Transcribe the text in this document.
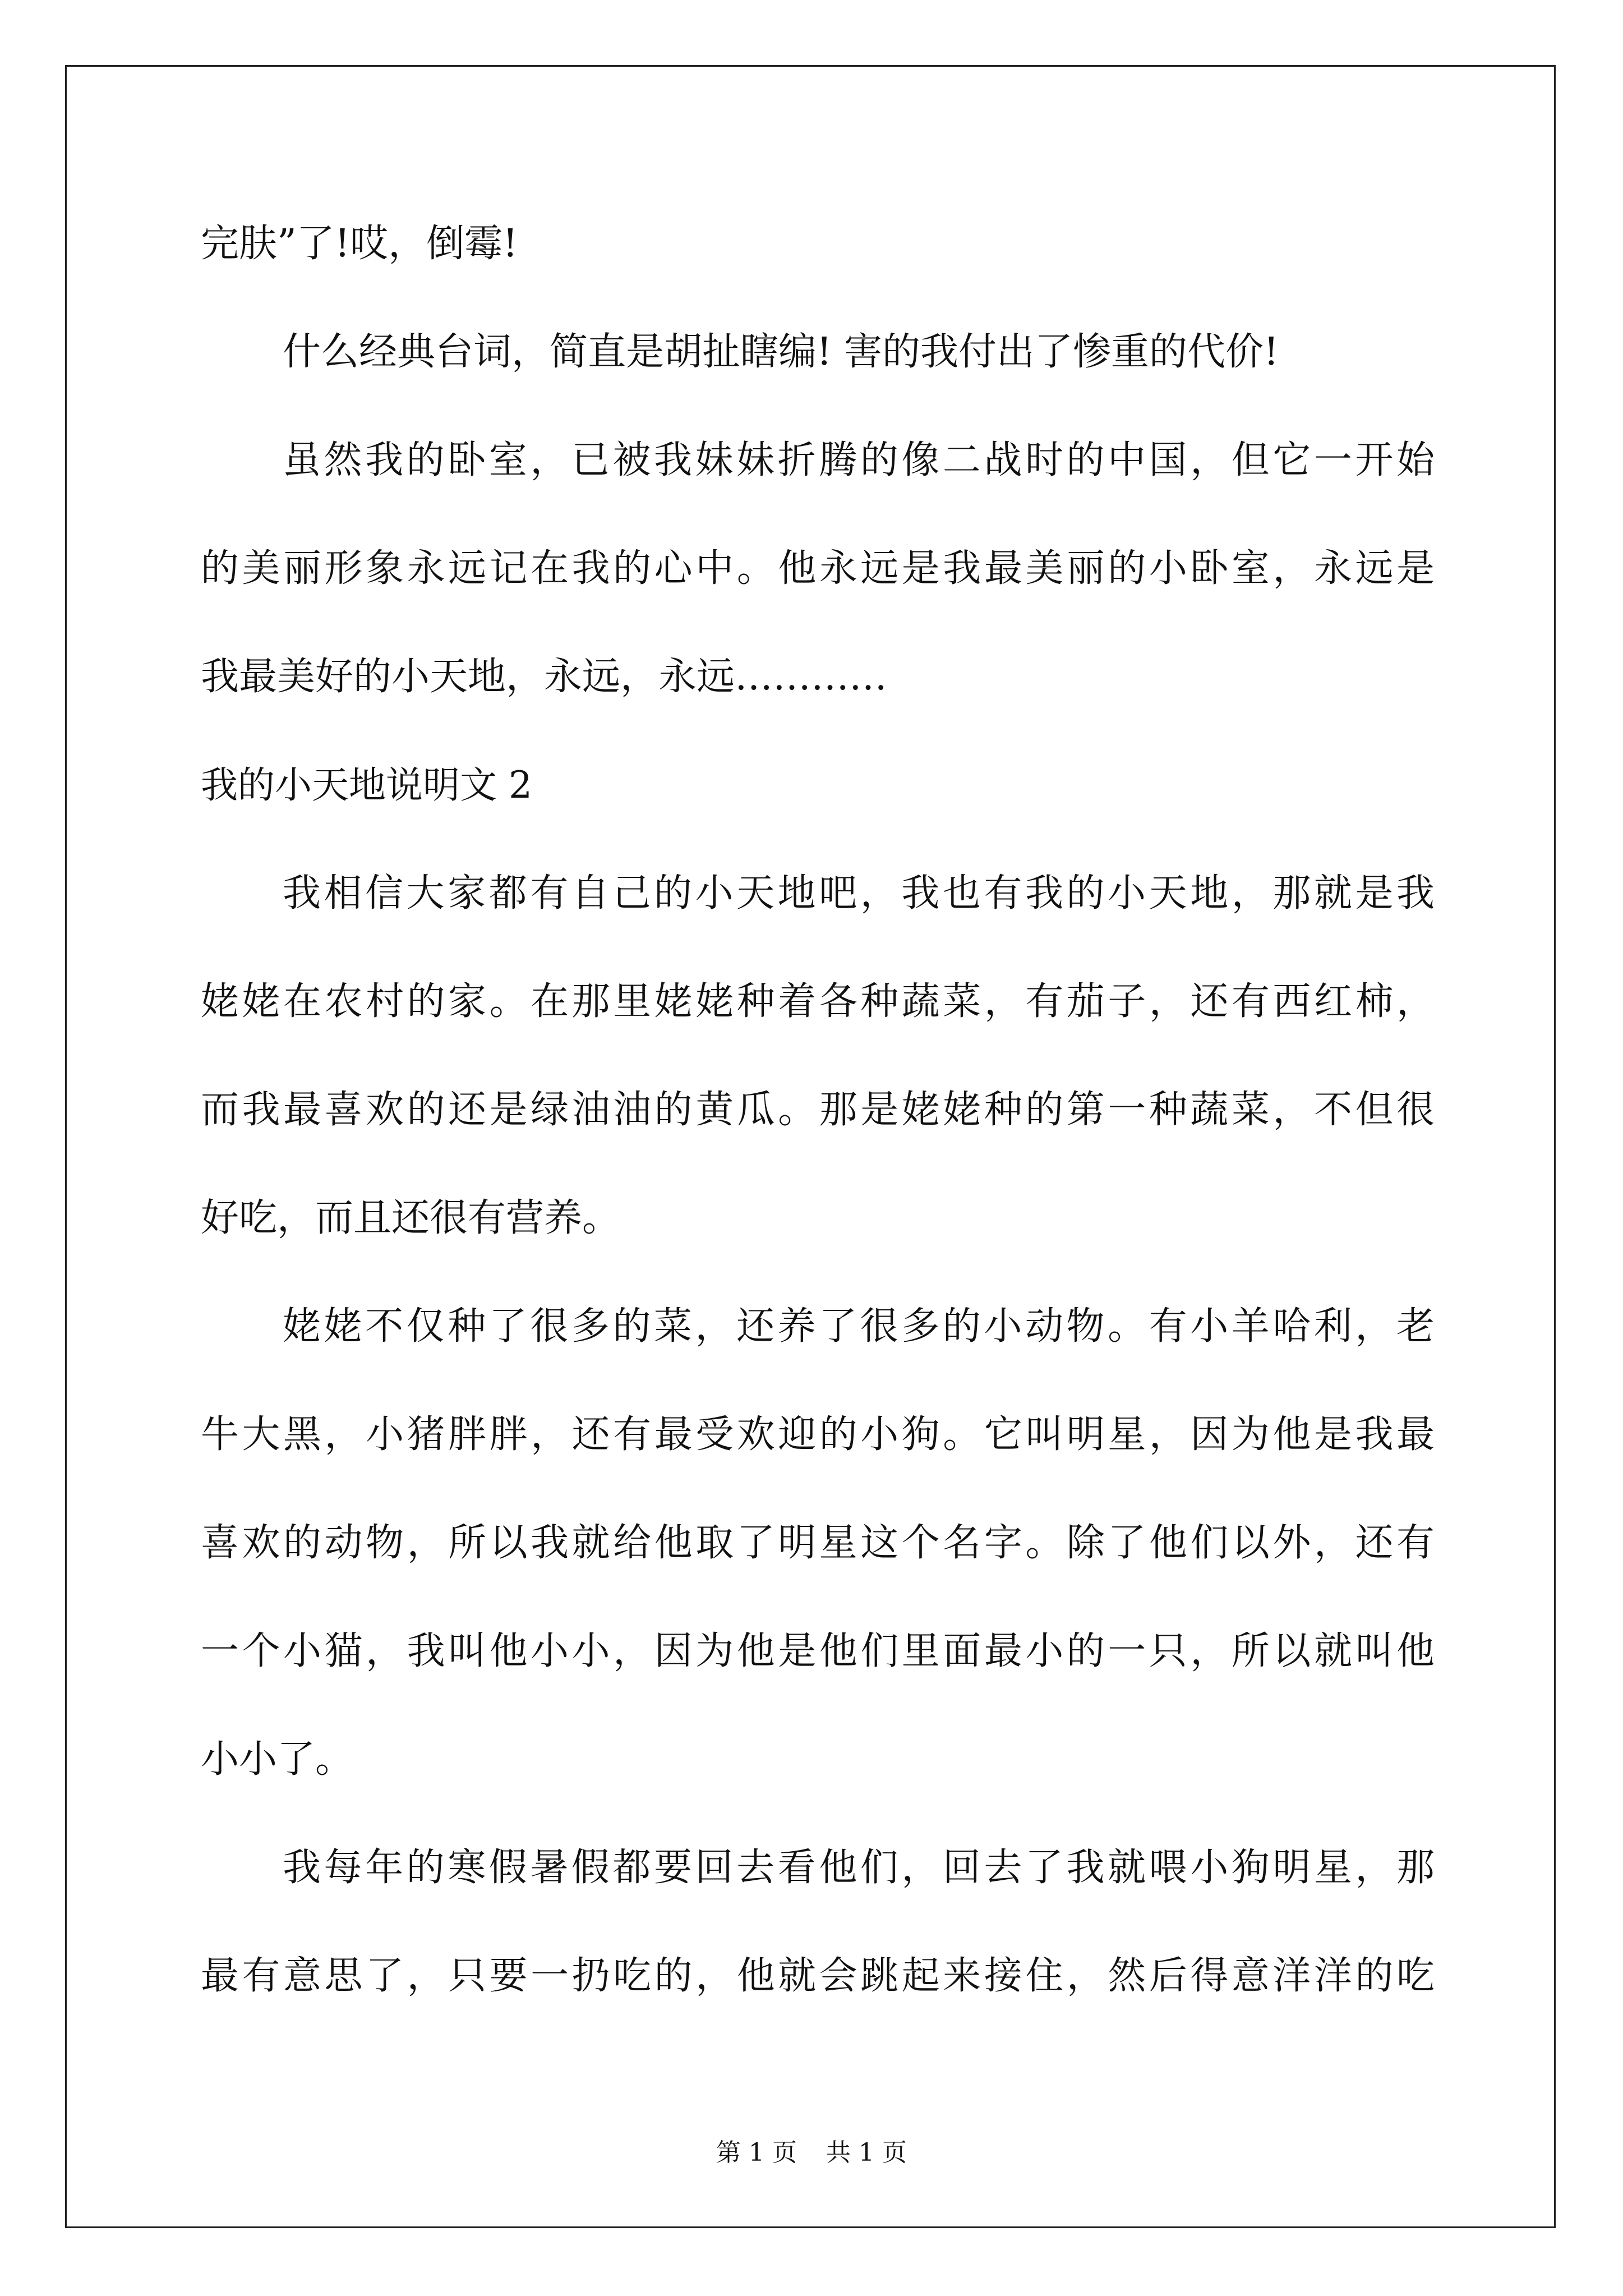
完肤”了!哎，倒霉!
什么经典台词，简直是胡扯瞎编! 害的我付出了惨重的代价!
虽然我的卧室，已被我妹妹折腾的像二战时的中国，但它一开始
的美丽形象永远记在我的心中。他永远是我最美丽的小卧室，永远是
我最美好的小天地，永远，永远…………
我的小天地说明文 2
我相信大家都有自己的小天地吧，我也有我的小天地，那就是我
姥姥在农村的家。在那里姥姥种着各种蔬菜，有茄子，还有西红柿，
而我最喜欢的还是绿油油的黄瓜。那是姥姥种的第一种蔬菜，不但很
好吃，而且还很有营养。
姥姥不仅种了很多的菜，还养了很多的小动物。有小羊哈利，老
牛大黑，小猪胖胖，还有最受欢迎的小狗。它叫明星，因为他是我最
喜欢的动物，所以我就给他取了明星这个名字。除了他们以外，还有
一个小猫，我叫他小小，因为他是他们里面最小的一只，所以就叫他
小小了。
我每年的寒假暑假都要回去看他们，回去了我就喂小狗明星，那
最有意思了，只要一扔吃的，他就会跳起来接住，然后得意洋洋的吃
第 1 页 共 1 页
